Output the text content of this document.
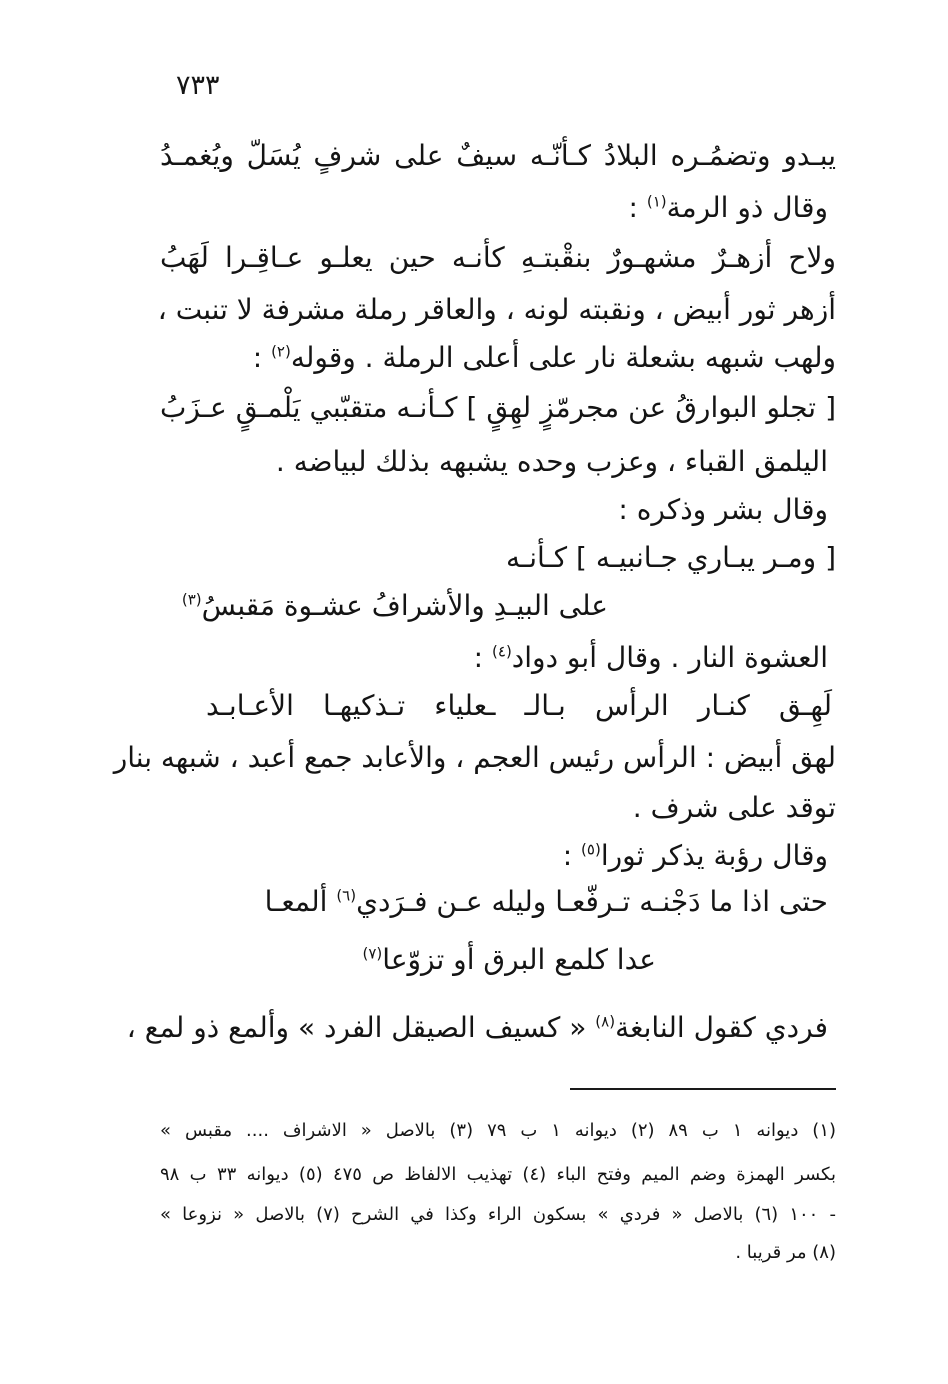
٧٣٣
يبـدو وتضمُـره البلادُ كـأنّـه سيفٌ على شرفٍ يُسَلّ ويُغمـدُ
وقال ذو الرمة$^{(١)}$ :
ولاح أزهـرٌ مشهـورٌ بنقْبتـهِ كأنـه حين يعلـو عـاقِـرا لَهَبُ
أزهر ثور أبيض ، ونقبته لونه ، والعاقر رملة مشرفة لا تنبت ،
ولهب شبهه بشعلة نار على أعلى الرملة . وقوله$^{(٢)}$ :
[ تجلو البوارقُ عن مجرمّزٍ لهِقٍ ] كـأنـه متقبّبي يَلْمـقٍ عـزَبُ
اليلمق القباء ، وعزب وحده يشبهه بذلك لبياضه .
وقال بشر وذكره :
[ ومـر يبـاري جـانبيـه ] كـأنـه
على البيـدِ والأشرافُ عشـوة مَقبسُ$^{(٣)}$
العشوة النار . وقال أبو دواد$^{(٤)}$ :
لَهِـق كنـار الرأس بـالـ ـعلياء تـذكيهـا الأعـابـد
لهق أبيض : الرأس رئيس العجم ، والأعابد جمع أعبد ، شبهه بنار
توقد على شرف .
وقال رؤبة يذكر ثورا$^{(٥)}$ :
حتى اذا ما دَجْنـه تـرفّعـا وليله عـن فـرَدي$^{(٦)}$ ألمعـا
عدا كلمع البرق أو تزوّعا$^{(٧)}$
فردي كقول النابغة$^{(٨)}$ « كسيف الصيقل الفرد » وألمع ذو لمع ،
(١) ديوانه ١ ب ٨٩ (٢) ديوانه ١ ب ٧٩ (٣) بالاصل « الاشراف .... مقبس »
بكسر الهمزة وضم الميم وفتح الباء (٤) تهذيب الالفاظ ص ٤٧٥ (٥) ديوانه ٣٣ ب ٩٨
- ١٠٠ (٦) بالاصل « فردي » بسكون الراء وكذا في الشرح (٧) بالاصل « نزوعا »
(٨) مر قريبا .
